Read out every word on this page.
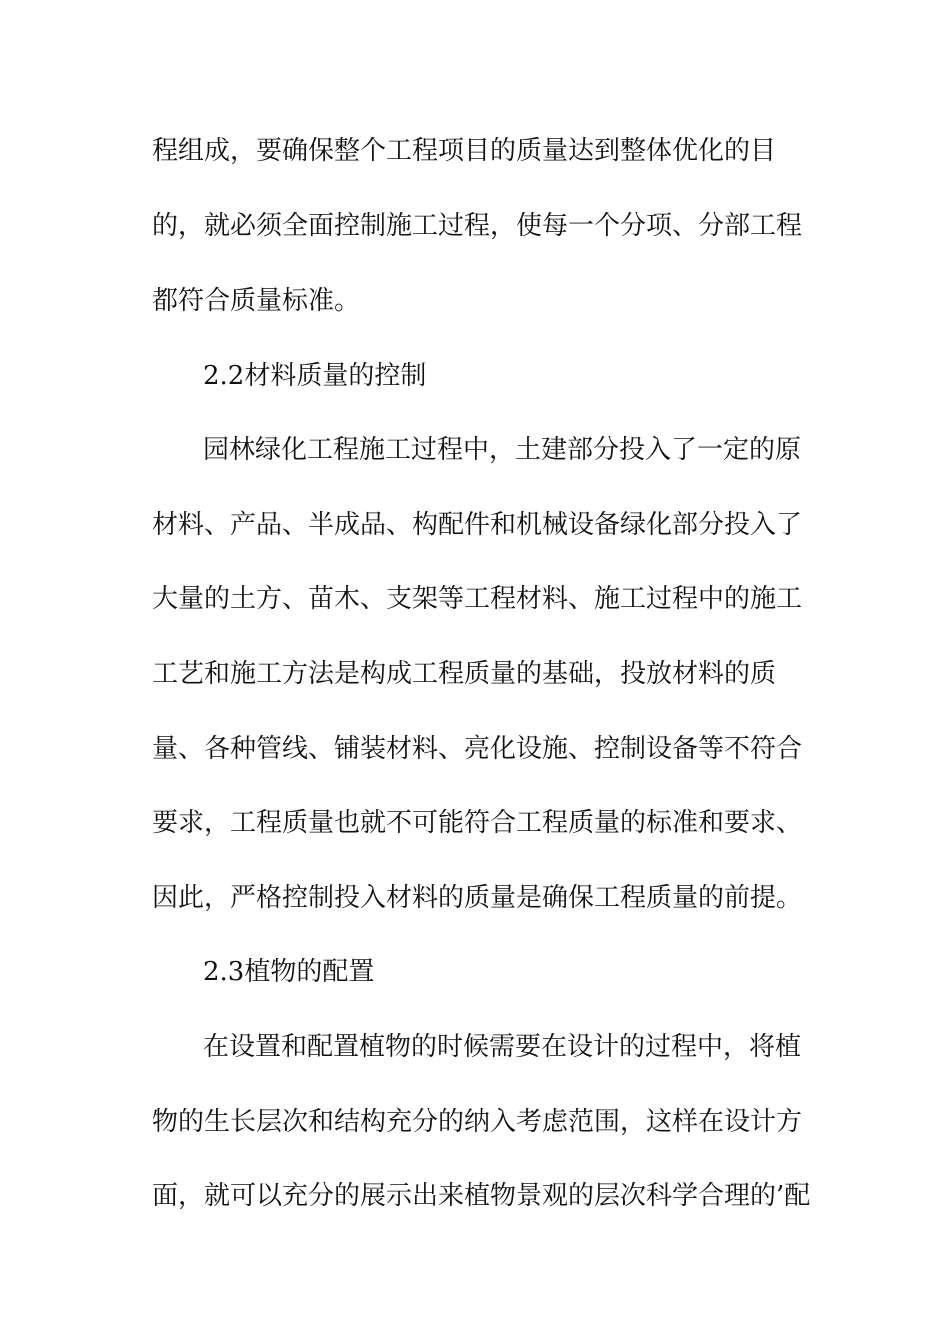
程组成，要确保整个工程项目的质量达到整体优化的目
的，就必须全面控制施工过程，使每一个分项、分部工程
都符合质量标准。
2.2材料质量的控制
园林绿化工程施工过程中，土建部分投入了一定的原
材料、产品、半成品、构配件和机械设备绿化部分投入了
大量的土方、苗木、支架等工程材料、施工过程中的施工
工艺和施工方法是构成工程质量的基础，投放材料的质
量、各种管线、铺装材料、亮化设施、控制设备等不符合
要求，工程质量也就不可能符合工程质量的标准和要求、
因此，严格控制投入材料的质量是确保工程质量的前提。
2.3植物的配置
在设置和配置植物的时候需要在设计的过程中，将植
物的生长层次和结构充分的纳入考虑范围，这样在设计方
面，就可以充分的展示出来植物景观的层次科学合理的’配
